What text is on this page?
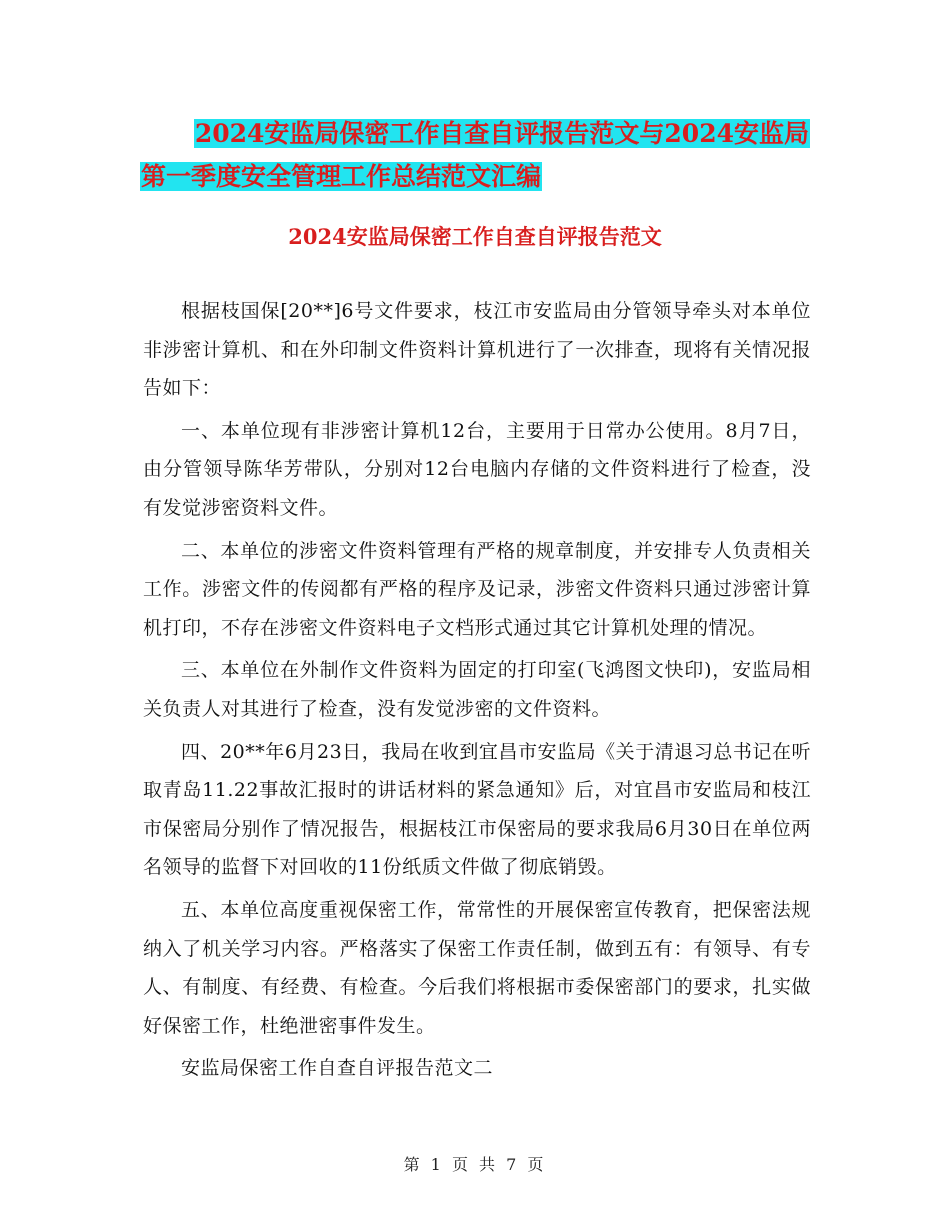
2024安监局保密工作自查自评报告范文与2024安监局
第一季度安全管理工作总结范文汇编
2024安监局保密工作自查自评报告范文

根据枝国保[20**]6号文件要求，枝江市安监局由分管领导牵头对本单位非涉密计算机、和在外印制文件资料计算机进行了一次排查，现将有关情况报告如下：

一、本单位现有非涉密计算机12台，主要用于日常办公使用。8月7日，由分管领导陈华芳带队，分别对12台电脑内存储的文件资料进行了检查，没有发觉涉密资料文件。

二、本单位的涉密文件资料管理有严格的规章制度，并安排专人负责相关工作。涉密文件的传阅都有严格的程序及记录，涉密文件资料只通过涉密计算机打印，不存在涉密文件资料电子文档形式通过其它计算机处理的情况。

三、本单位在外制作文件资料为固定的打印室(飞鸿图文快印)，安监局相关负责人对其进行了检查，没有发觉涉密的文件资料。

四、20**年6月23日，我局在收到宜昌市安监局《关于清退习总书记在听取青岛11.22事故汇报时的讲话材料的紧急通知》后，对宜昌市安监局和枝江市保密局分别作了情况报告，根据枝江市保密局的要求我局6月30日在单位两名领导的监督下对回收的11份纸质文件做了彻底销毁。

五、本单位高度重视保密工作，常常性的开展保密宣传教育，把保密法规纳入了机关学习内容。严格落实了保密工作责任制，做到五有：有领导、有专人、有制度、有经费、有检查。今后我们将根据市委保密部门的要求，扎实做好保密工作，杜绝泄密事件发生。

安监局保密工作自查自评报告范文二

第 1 页 共 7 页
